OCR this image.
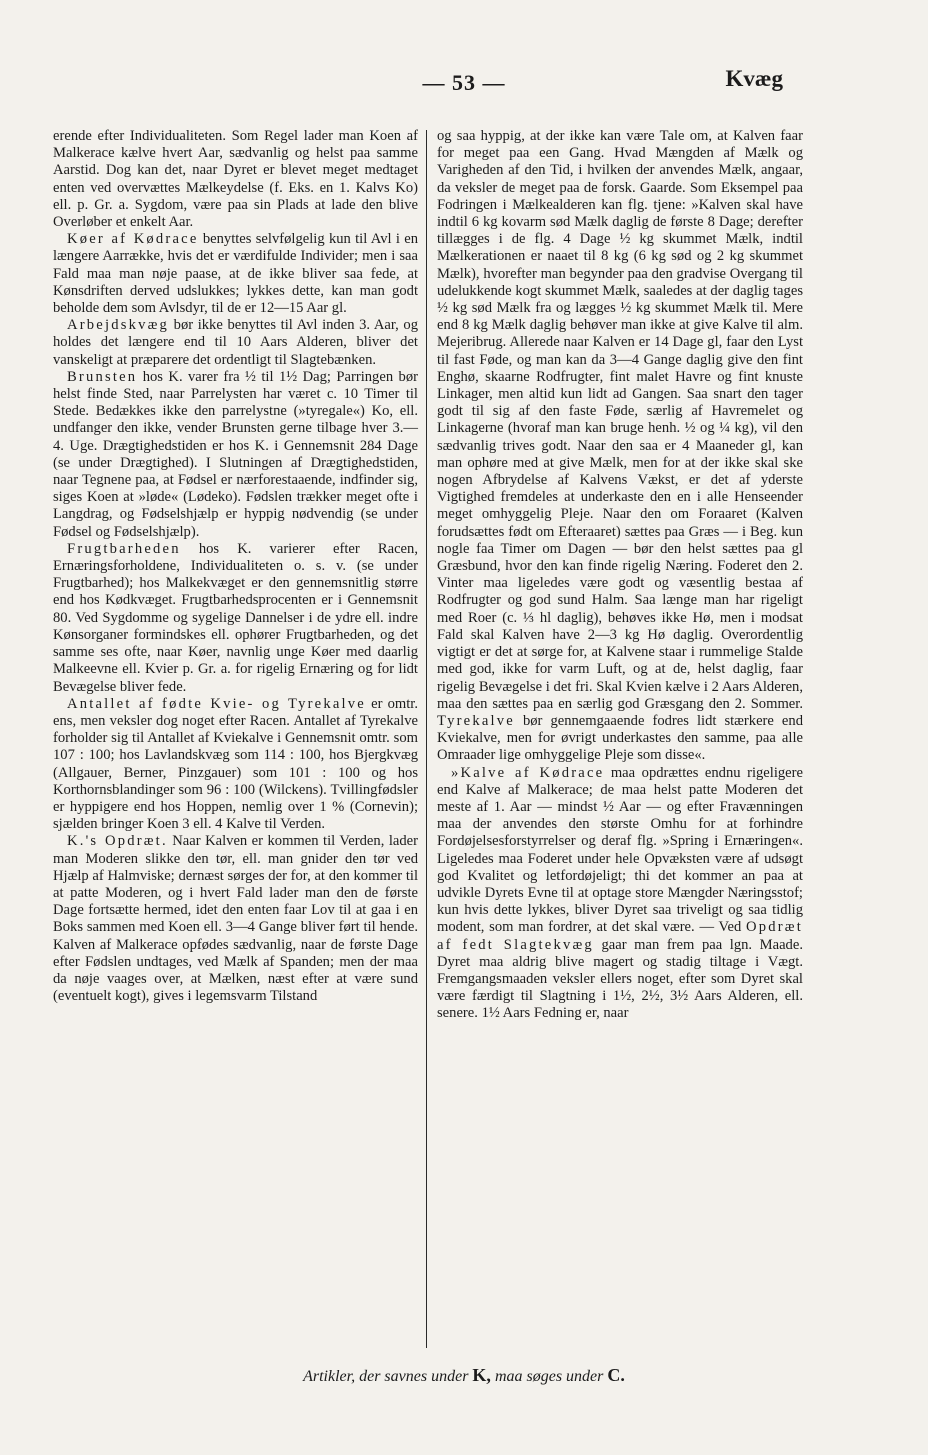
— 53 —	Kvæg

erende efter Individualiteten. Som Regel lader man Koen af Malkerace kælve hvert Aar, sædvanlig og helst paa samme Aarstid. Dog kan det, naar Dyret er blevet meget medtaget enten ved overvættes Mælkeydelse (f. Eks. en 1. Kalvs Ko) ell. p. Gr. a. Sygdom, være paa sin Plads at lade den blive Overløber et enkelt Aar.

Køer af Kødrace benyttes selvfølgelig kun til Avl i en længere Aarrække, hvis det er værdifulde Individer; men i saa Fald maa man nøje paase, at de ikke bliver saa fede, at Kønsdriften derved udslukkes; lykkes dette, kan man godt beholde dem som Avlsdyr, til de er 12—15 Aar gl.

Arbejdskvæg bør ikke benyttes til Avl inden 3. Aar, og holdes det længere end til 10 Aars Alderen, bliver det vanskeligt at præparere det ordentligt til Slagtebænken.

Brunsten hos K. varer fra ½ til 1½ Dag; Parringen bør helst finde Sted, naar Parrelysten har været c. 10 Timer til Stede. Bedækkes ikke den parrelystne (»tyregale«) Ko, ell. undfanger den ikke, vender Brunsten gerne tilbage hver 3.—4. Uge. Drægtighedstiden er hos K. i Gennemsnit 284 Dage (se under Drægtighed). I Slutningen af Drægtighedstiden, naar Tegnene paa, at Fødsel er nærforestaaende, indfinder sig, siges Koen at »løde« (Lødeko). Fødslen trækker meget ofte i Langdrag, og Fødselshjælp er hyppig nødvendig (se under Fødsel og Fødselshjælp).

Frugtbarheden hos K. varierer efter Racen, Ernæringsforholdene, Individualiteten o. s. v. (se under Frugtbarhed); hos Malkekvæget er den gennemsnitlig større end hos Kødkvæget. Frugtbarhedsprocenten er i Gennemsnit 80. Ved Sygdomme og sygelige Dannelser i de ydre ell. indre Kønsorganer formindskes ell. ophører Frugtbarheden, og det samme ses ofte, naar Køer, navnlig unge Køer med daarlig Malkeevne ell. Kvier p. Gr. a. for rigelig Ernæring og for lidt Bevægelse bliver fede.

Antallet af fødte Kvie- og Tyrekalve er omtr. ens, men veksler dog noget efter Racen. Antallet af Tyrekalve forholder sig til Antallet af Kviekalve i Gennemsnit omtr. som 107 : 100; hos Lavlandskvæg som 114 : 100, hos Bjergkvæg (Allgauer, Berner, Pinzgauer) som 101 : 100 og hos Korthornsblandinger som 96 : 100 (Wilckens). Tvillingfødsler er hyppigere end hos Hoppen, nemlig over 1 % (Cornevin); sjælden bringer Koen 3 ell. 4 Kalve til Verden.

K.'s Opdræt. Naar Kalven er kommen til Verden, lader man Moderen slikke den tør, ell. man gnider den tør ved Hjælp af Halmviske; dernæst sørges der for, at den kommer til at patte Moderen, og i hvert Fald lader man den de første Dage fortsætte hermed, idet den enten faar Lov til at gaa i en Boks sammen med Koen ell. 3—4 Gange bliver ført til hende. Kalven af Malkerace opfødes sædvanlig, naar de første Dage efter Fødslen undtages, ved Mælk af Spanden; men der maa da nøje vaages over, at Mælken, næst efter at være sund (eventuelt kogt), gives i legemsvarm Tilstand

og saa hyppig, at der ikke kan være Tale om, at Kalven faar for meget paa een Gang. Hvad Mængden af Mælk og Varigheden af den Tid, i hvilken der anvendes Mælk, angaar, da veksler de meget paa de forsk. Gaarde. Som Eksempel paa Fodringen i Mælkealderen kan flg. tjene: »Kalven skal have indtil 6 kg kovarm sød Mælk daglig de første 8 Dage; derefter tillægges i de flg. 4 Dage ½ kg skummet Mælk, indtil Mælkerationen er naaet til 8 kg (6 kg sød og 2 kg skummet Mælk), hvorefter man begynder paa den gradvise Overgang til udelukkende kogt skummet Mælk, saaledes at der daglig tages ½ kg sød Mælk fra og lægges ½ kg skummet Mælk til. Mere end 8 kg Mælk daglig behøver man ikke at give Kalve til alm. Mejeribrug. Allerede naar Kalven er 14 Dage gl, faar den Lyst til fast Føde, og man kan da 3—4 Gange daglig give den fint Enghø, skaarne Rodfrugter, fint malet Havre og fint knuste Linkager, men altid kun lidt ad Gangen. Saa snart den tager godt til sig af den faste Føde, særlig af Havremelet og Linkagerne (hvoraf man kan bruge henh. ½ og ¼ kg), vil den sædvanlig trives godt. Naar den saa er 4 Maaneder gl, kan man ophøre med at give Mælk, men for at der ikke skal ske nogen Afbrydelse af Kalvens Vækst, er det af yderste Vigtighed fremdeles at underkaste den en i alle Henseender meget omhyggelig Pleje. Naar den om Foraaret (Kalven forudsættes født om Efteraaret) sættes paa Græs — i Beg. kun nogle faa Timer om Dagen — bør den helst sættes paa gl Græsbund, hvor den kan finde rigelig Næring. Foderet den 2. Vinter maa ligeledes være godt og væsentlig bestaa af Rodfrugter og god sund Halm. Saa længe man har rigeligt med Roer (c. ⅓ hl daglig), behøves ikke Hø, men i modsat Fald skal Kalven have 2—3 kg Hø daglig. Overordentlig vigtigt er det at sørge for, at Kalvene staar i rummelige Stalde med god, ikke for varm Luft, og at de, helst daglig, faar rigelig Bevægelse i det fri. Skal Kvien kælve i 2 Aars Alderen, maa den sættes paa en særlig god Græsgang den 2. Sommer. Tyrekalve bør gennemgaaende fodres lidt stærkere end Kviekalve, men for øvrigt underkastes den samme, paa alle Omraader lige omhyggelige Pleje som disse«.

»Kalve af Kødrace maa opdrættes endnu rigeligere end Kalve af Malkerace; de maa helst patte Moderen det meste af 1. Aar — mindst ½ Aar — og efter Fravænningen maa der anvendes den største Omhu for at forhindre Fordøjelsesforstyrrelser og deraf flg. »Spring i Ernæringen«. Ligeledes maa Foderet under hele Opvæksten være af udsøgt god Kvalitet og letfordøjeligt; thi det kommer an paa at udvikle Dyrets Evne til at optage store Mængder Næringsstof; kun hvis dette lykkes, bliver Dyret saa triveligt og saa tidlig modent, som man fordrer, at det skal være. — Ved Opdræt af fedt Slagtekvæg gaar man frem paa lgn. Maade. Dyret maa aldrig blive magert og stadig tiltage i Vægt. Fremgangsmaaden veksler ellers noget, efter som Dyret skal være færdigt til Slagtning i 1½, 2½, 3½ Aars Alderen, ell. senere. 1½ Aars Fedning er, naar

Artikler, der savnes under K, maa søges under C.
